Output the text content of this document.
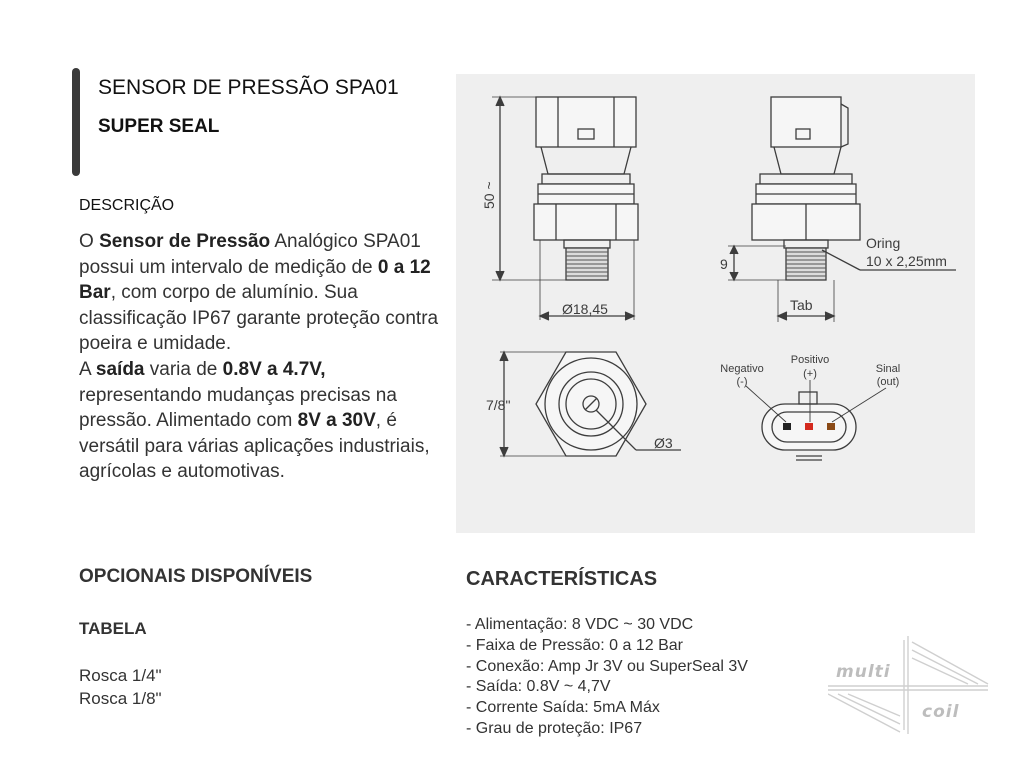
SENSOR DE PRESSÃO SPA01
SUPER SEAL
DESCRIÇÃO
O Sensor de Pressão Analógico SPA01 possui um intervalo de medição de 0 a 12 Bar, com corpo de alumínio. Sua classificação IP67 garante proteção contra poeira e umidade.
A saída varia de 0.8V a 4.7V, representando mudanças precisas na pressão. Alimentado com 8V a 30V, é versátil para várias aplicações industriais, agrícolas e automotivas.
50 ~
Ø18,45
9
Oring
10 x 2,25mm
Tab
7/8"
Ø3
Negativo
(-)
Positivo
(+)	Sinal
(out)
OPCIONAIS DISPONÍVEIS
TABELA
Rosca 1/4"
Rosca 1/8"
CARACTERÍSTICAS
- Alimentação: 8 VDC ~ 30 VDC
- Faixa de Pressão: 0 a 12 Bar
- Conexão: Amp Jr 3V ou SuperSeal 3V
- Saída: 0.8V ~ 4,7V
- Corrente Saída: 5mA Máx
- Grau de proteção: IP67
multi
coil
